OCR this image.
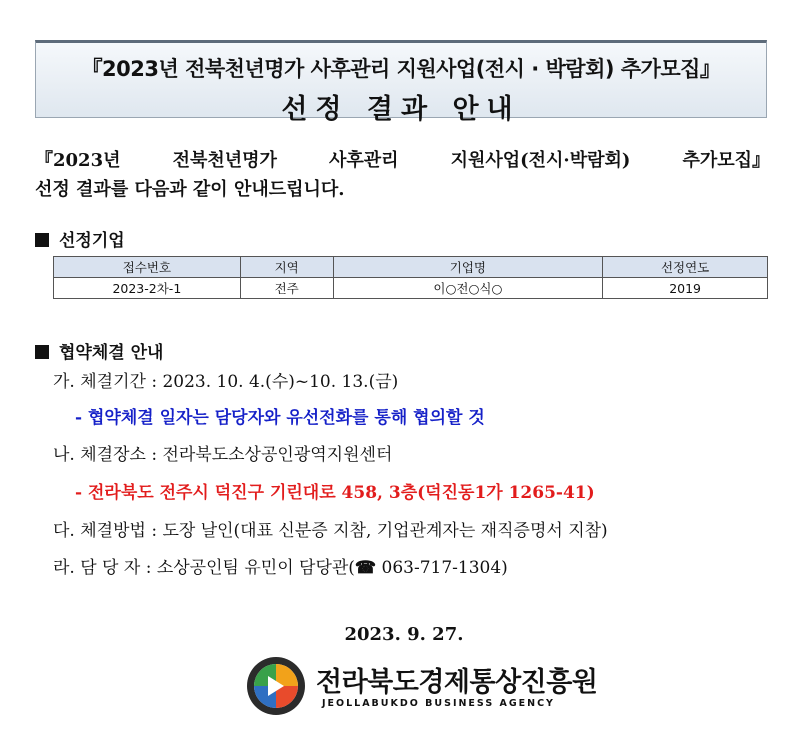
『2023년 전북천년명가 사후관리 지원사업(전시 · 박람회) 추가모집』
선정 결과 안내
『2023년	전북천년명가	사후관리	지원사업(전시·박람회)	추가모집』
선정 결과를 다음과 같이 안내드립니다.
선정기업
접수번호	지역	기업명	선정연도
2023-2차-1	전주	이○전○식○	2019
협약체결 안내
가. 체결기간 : 2023. 10. 4.(수)~10. 13.(금)
- 협약체결 일자는 담당자와 유선전화를 통해 협의할 것
나. 체결장소 : 전라북도소상공인광역지원센터
- 전라북도 전주시 덕진구 기린대로 458, 3층(덕진동1가 1265-41)
다. 체결방법 : 도장 날인(대표 신분증 지참, 기업관계자는 재직증명서 지참)
라. 담 당 자 : 소상공인팀 유민이 담당관(☎ 063-717-1304)
2023. 9. 27.
전라북도경제통상진흥원
JEOLLABUKDO BUSINESS AGENCY
